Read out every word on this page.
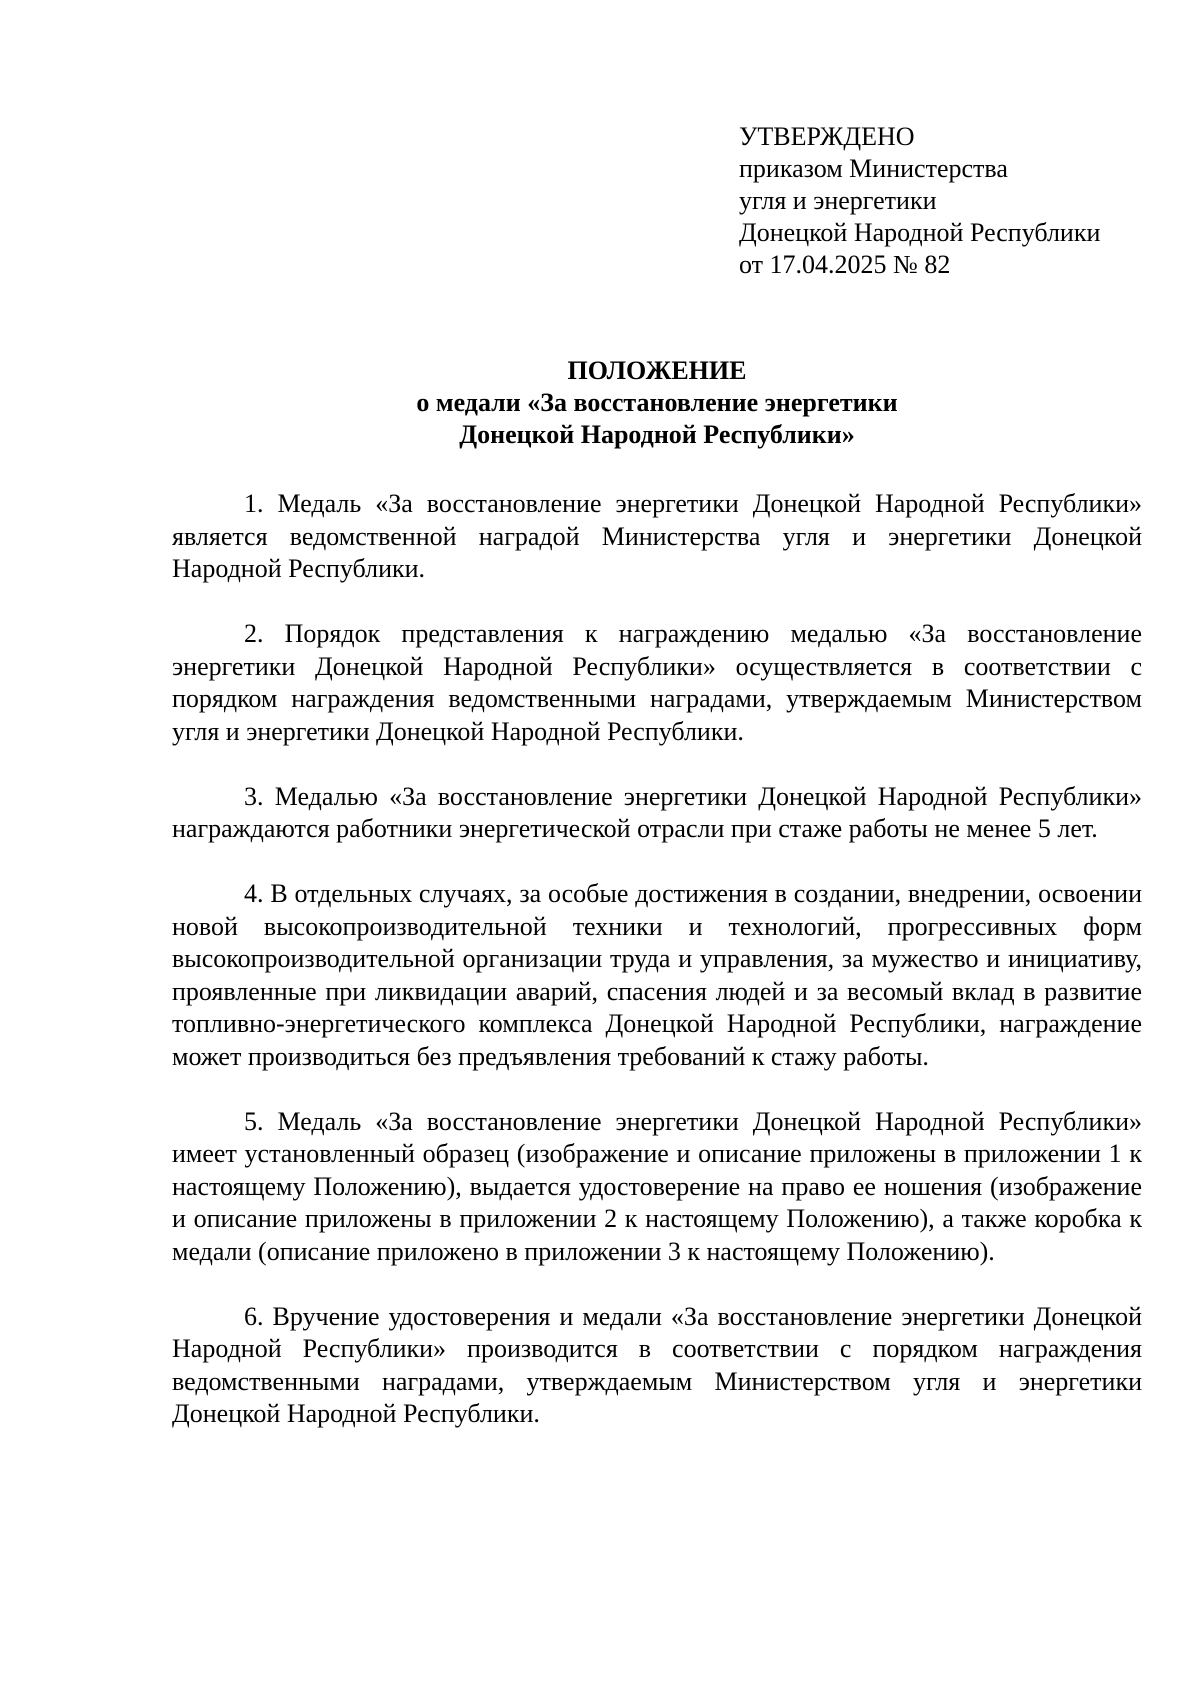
УТВЕРЖДЕНО
приказом Министерства
угля и энергетики
Донецкой Народной Республики
от 17.04.2025 № 82
ПОЛОЖЕНИЕ
о медали «За восстановление энергетики
Донецкой Народной Республики»

1. Медаль «За восстановление энергетики Донецкой Народной Республики» является ведомственной наградой Министерства угля и энергетики Донецкой Народной Республики.

2. Порядок представления к награждению медалью «За восстановление энергетики Донецкой Народной Республики» осуществляется в соответствии с порядком награждения ведомственными наградами, утверждаемым Министерством угля и энергетики Донецкой Народной Республики.

3. Медалью «За восстановление энергетики Донецкой Народной Республики» награждаются работники энергетической отрасли при стаже работы не менее 5 лет.

4. В отдельных случаях, за особые достижения в создании, внедрении, освоении новой высокопроизводительной техники и технологий, прогрессивных форм высокопроизводительной организации труда и управления, за мужество и инициативу, проявленные при ликвидации аварий, спасения людей и за весомый вклад в развитие топливно-энергетического комплекса Донецкой Народной Республики, награждение может производиться без предъявления требований к стажу работы.

5. Медаль «За восстановление энергетики Донецкой Народной Республики» имеет установленный образец (изображение и описание приложены в приложении 1 к настоящему Положению), выдается удостоверение на право ее ношения (изображение и описание приложены в приложении 2 к настоящему Положению), а также коробка к медали (описание приложено в приложении 3 к настоящему Положению).

6. Вручение удостоверения и медали «За восстановление энергетики Донецкой Народной Республики» производится в соответствии с порядком награждения ведомственными наградами, утверждаемым Министерством угля и энергетики Донецкой Народной Республики.
